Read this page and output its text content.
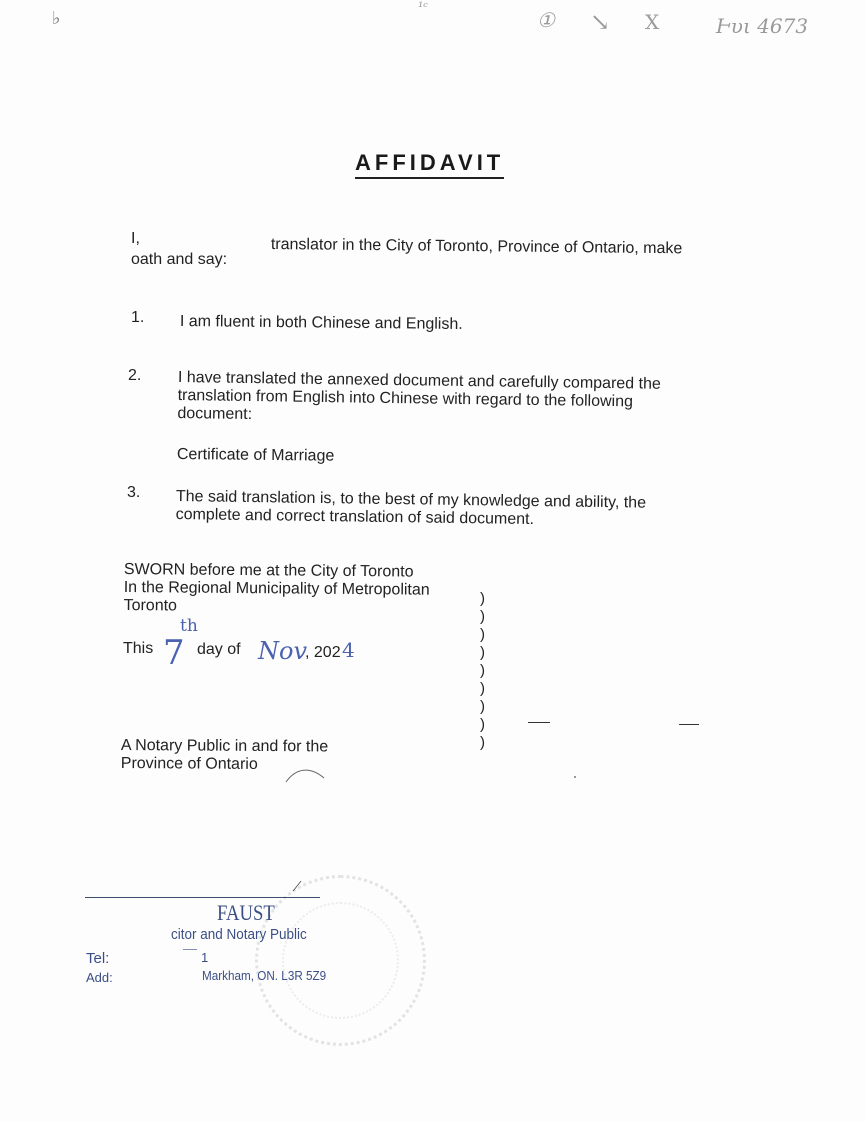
♭
¹ᶜ
① ↘ X	Ͱυι 4673
AFFIDAVIT
I,	translator in the City of Toronto, Province of Ontario, make
oath and say:
1. I am fluent in both Chinese and English.
2. I have translated the annexed document and carefully compared the
translation from English into Chinese with regard to the following
document:
Certificate of Marriage
3. The said translation is, to the best of my knowledge and ability, the
complete and correct translation of said document.
SWORN before me at the City of Toronto
In the Regional Municipality of Metropolitan
Toronto
This 7
th
day of Nov
, 202 4
A Notary Public in and for the
Province of Ontario
)
)
)
)
)
)
)
)
)
⁄
FAUST
citor and Notary Public
Tel:	1
Add:	Markham, ON. L3R 5Z9
